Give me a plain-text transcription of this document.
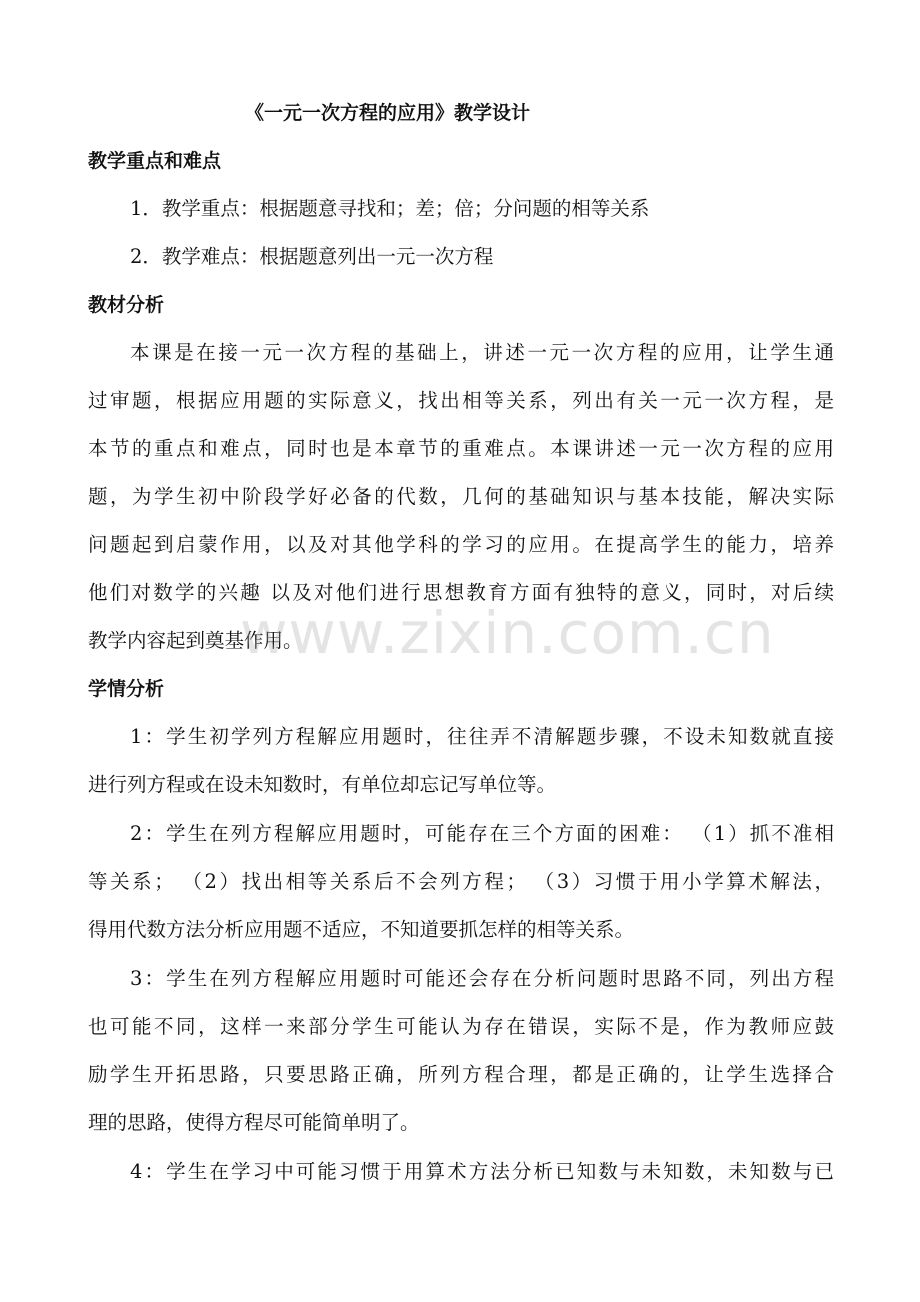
《一元一次方程的应用》教学设计
教学重点和难点
1．教学重点：根据题意寻找和；差；倍；分问题的相等关系
2．教学难点：根据题意列出一元一次方程
教材分析
本课是在接一元一次方程的基础上，讲述一元一次方程的应用，让学生通
过审题，根据应用题的实际意义，找出相等关系，列出有关一元一次方程，是
本节的重点和难点，同时也是本章节的重难点。本课讲述一元一次方程的应用
题，为学生初中阶段学好必备的代数，几何的基础知识与基本技能，解决实际
问题起到启蒙作用，以及对其他学科的学习的应用。在提高学生的能力，培养
他们对数学的兴趣 以及对他们进行思想教育方面有独特的意义，同时，对后续
教学内容起到奠基作用。
学情分析
1：学生初学列方程解应用题时，往往弄不清解题步骤，不设未知数就直接
进行列方程或在设未知数时，有单位却忘记写单位等。
2：学生在列方程解应用题时，可能存在三个方面的困难： （1）抓不准相
等关系； （2）找出相等关系后不会列方程； （3）习惯于用小学算术解法，
得用代数方法分析应用题不适应，不知道要抓怎样的相等关系。
3：学生在列方程解应用题时可能还会存在分析问题时思路不同，列出方程
也可能不同，这样一来部分学生可能认为存在错误，实际不是，作为教师应鼓
励学生开拓思路，只要思路正确，所列方程合理，都是正确的，让学生选择合
理的思路，使得方程尽可能简单明了。
4：学生在学习中可能习惯于用算术方法分析已知数与未知数，未知数与已
www.zixin.com.cn
